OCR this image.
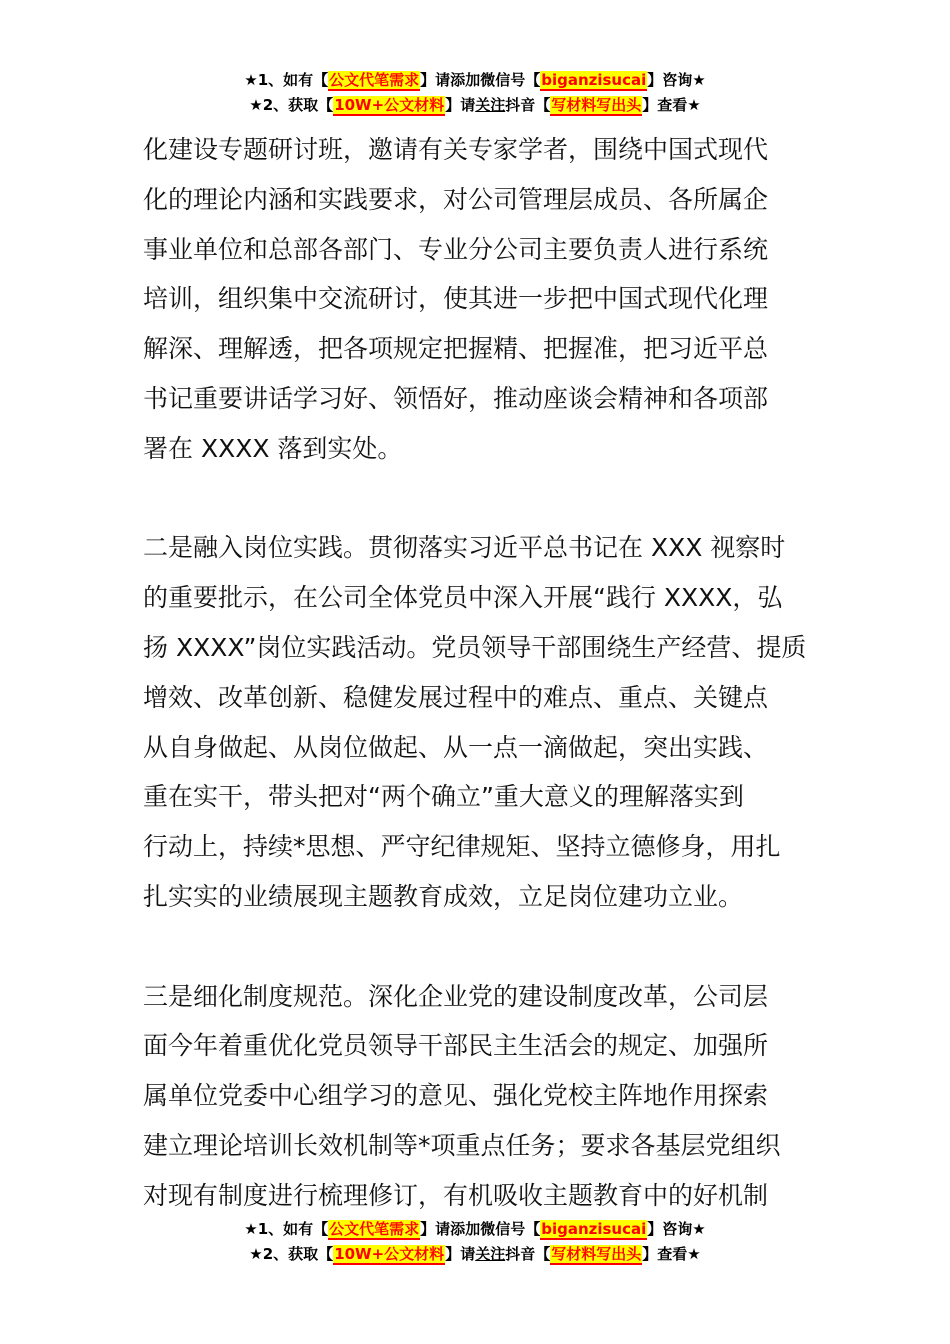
★1、如有【公文代笔需求】请添加微信号【biganzisucai】咨询★
★2、获取【10W+公文材料】请关注抖音【写材料写出头】查看★

化建设专题研讨班，邀请有关专家学者，围绕中国式现代

化的理论内涵和实践要求，对公司管理层成员、各所属企

事业单位和总部各部门、专业分公司主要负责人进行系统

培训，组织集中交流研讨，使其进一步把中国式现代化理

解深、理解透，把各项规定把握精、把握准，把习近平总

书记重要讲话学习好、领悟好，推动座谈会精神和各项部

署在 XXXX 落到实处。

二是融入岗位实践。贯彻落实习近平总书记在 XXX 视察时

的重要批示，在公司全体党员中深入开展“践行 XXXX，弘

扬 XXXX”岗位实践活动。党员领导干部围绕生产经营、提质

增效、改革创新、稳健发展过程中的难点、重点、关键点

从自身做起、从岗位做起、从一点一滴做起，突出实践、

重在实干，带头把对“两个确立”重大意义的理解落实到

行动上，持续*思想、严守纪律规矩、坚持立德修身，用扎

扎实实的业绩展现主题教育成效，立足岗位建功立业。

三是细化制度规范。深化企业党的建设制度改革，公司层

面今年着重优化党员领导干部民主生活会的规定、加强所

属单位党委中心组学习的意见、强化党校主阵地作用探索

建立理论培训长效机制等*项重点任务；要求各基层党组织

对现有制度进行梳理修订，有机吸收主题教育中的好机制

★1、如有【公文代笔需求】请添加微信号【biganzisucai】咨询★
★2、获取【10W+公文材料】请关注抖音【写材料写出头】查看★
